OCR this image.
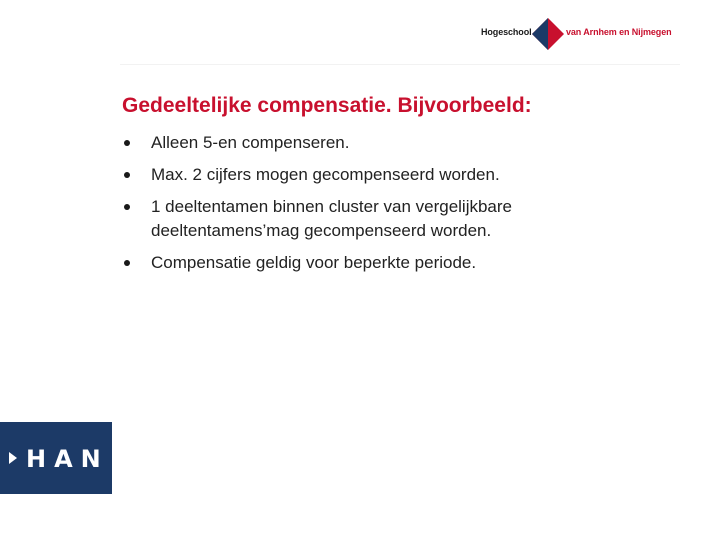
Hogeschool	van Arnhem en Nijmegen
Gedeeltelijke compensatie. Bijvoorbeeld:
Alleen 5-en compenseren.
Max. 2 cijfers mogen gecompenseerd worden.
1 deeltentamen binnen cluster van vergelijkbare deeltentamens’mag gecompenseerd worden.
Compensatie geldig voor beperkte periode.
HAN
